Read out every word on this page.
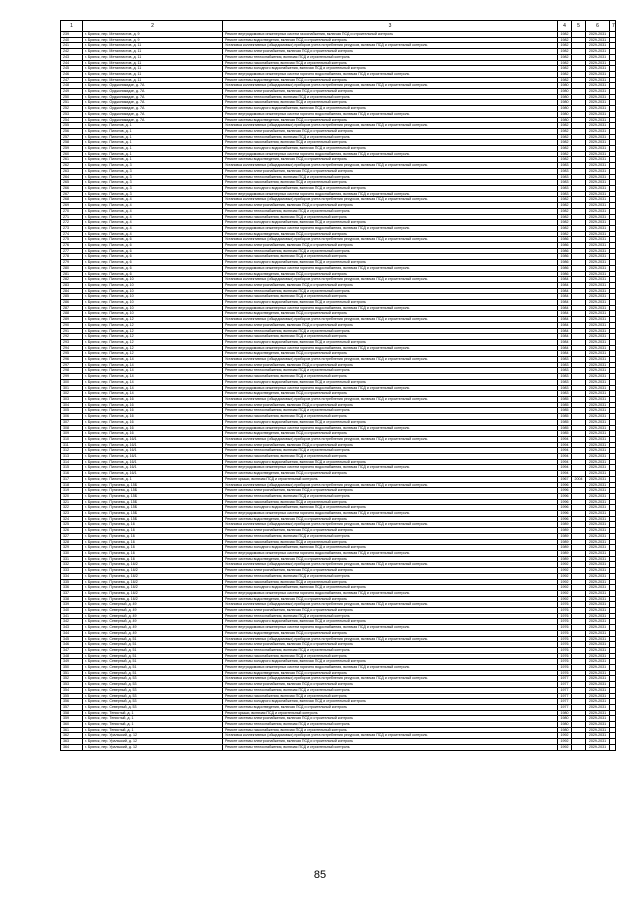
1	2	3	4	5	6	7
239	г. Брянск, пер. Металлистов, д. 9	Ремонт внутридомовых инженерных систем газоснабжения, включая ПСД и строительный контроль	1982		2029-2031	
240	г. Брянск, пер. Металлистов, д. 9	Ремонт системы водоотведения, включая ПСД и строительный контроль	1982		2029-2031	
241	г. Брянск, пер. Металлистов, д. 11	Установка коллективных (общедомовых) приборов учета потребления ресурсов, включая ПСД и строительный контроль	1982		2029-2031	
242	г. Брянск, пер. Металлистов, д. 11	Ремонт системы электроснабжения, включая ПСД и строительный контроль	1982		2029-2031	
243	г. Брянск, пер. Металлистов, д. 11	Ремонт системы теплоснабжения, включая ПСД и строительный контроль	1982		2029-2031	
244	г. Брянск, пер. Металлистов, д. 11	Ремонт системы газоснабжения, включая ПСД и строительный контроль	1982		2029-2031	
245	г. Брянск, пер. Металлистов, д. 11	Ремонт системы холодного водоснабжения, включая ПСД и строительный контроль	1982		2029-2031	
246	г. Брянск, пер. Металлистов, д. 11	Ремонт внутридомовых инженерных систем горячего водоснабжения, включая ПСД и строительный контроль	1982		2029-2031	
247	г. Брянск, пер. Металлистов, д. 11	Ремонт системы водоотведения, включая ПСД и строительный контроль	1982		2029-2031	
248	г. Брянск, пер. Орджоникидзе, д. 7А	Установка коллективных (общедомовых) приборов учета потребления ресурсов, включая ПСД и строительный контроль	1980		2029-2031	
249	г. Брянск, пер. Орджоникидзе, д. 7А	Ремонт системы электроснабжения, включая ПСД и строительный контроль	1980		2029-2031	
250	г. Брянск, пер. Орджоникидзе, д. 7А	Ремонт системы теплоснабжения, включая ПСД и строительный контроль	1980		2029-2031	
251	г. Брянск, пер. Орджоникидзе, д. 7А	Ремонт системы газоснабжения, включая ПСД и строительный контроль	1980		2029-2031	
252	г. Брянск, пер. Орджоникидзе, д. 7А	Ремонт системы холодного водоснабжения, включая ПСД и строительный контроль	1980		2029-2031	
253	г. Брянск, пер. Орджоникидзе, д. 7А	Ремонт внутридомовых инженерных систем горячего водоснабжения, включая ПСД и строительный контроль	1980		2029-2031	
254	г. Брянск, пер. Орджоникидзе, д. 7А	Ремонт системы водоотведения, включая ПСД и строительный контроль	1980		2029-2031	
255	г. Брянск, пер. Пилотов, д. 1	Установка коллективных (общедомовых) приборов учета потребления ресурсов, включая ПСД и строительный контроль	1982		2029-2031	
256	г. Брянск, пер. Пилотов, д. 1	Ремонт системы электроснабжения, включая ПСД и строительный контроль	1982		2029-2031	
257	г. Брянск, пер. Пилотов, д. 1	Ремонт системы теплоснабжения, включая ПСД и строительный контроль	1982		2029-2031	
258	г. Брянск, пер. Пилотов, д. 1	Ремонт системы газоснабжения, включая ПСД и строительный контроль	1982		2029-2031	
259	г. Брянск, пер. Пилотов, д. 1	Ремонт системы холодного водоснабжения, включая ПСД и строительный контроль	1982		2029-2031	
260	г. Брянск, пер. Пилотов, д. 1	Ремонт внутридомовых инженерных систем горячего водоснабжения, включая ПСД и строительный контроль	1982		2029-2031	
261	г. Брянск, пер. Пилотов, д. 1	Ремонт системы водоотведения, включая ПСД и строительный контроль	1982		2029-2031	
262	г. Брянск, пер. Пилотов, д. 3	Установка коллективных (общедомовых) приборов учета потребления ресурсов, включая ПСД и строительный контроль	1983		2029-2031	
263	г. Брянск, пер. Пилотов, д. 3	Ремонт системы электроснабжения, включая ПСД и строительный контроль	1983		2029-2031	
264	г. Брянск, пер. Пилотов, д. 3	Ремонт системы теплоснабжения, включая ПСД и строительный контроль	1983		2029-2031	
265	г. Брянск, пер. Пилотов, д. 3	Ремонт системы газоснабжения, включая ПСД и строительный контроль	1983		2029-2031	
266	г. Брянск, пер. Пилотов, д. 3	Ремонт системы холодного водоснабжения, включая ПСД и строительный контроль	1983		2029-2031	
267	г. Брянск, пер. Пилотов, д. 3	Ремонт внутридомовых инженерных систем горячего водоснабжения, включая ПСД и строительный контроль	1983		2029-2031	
268	г. Брянск, пер. Пилотов, д. 4	Установка коллективных (общедомовых) приборов учета потребления ресурсов, включая ПСД и строительный контроль	1982		2029-2031	
269	г. Брянск, пер. Пилотов, д. 4	Ремонт системы электроснабжения, включая ПСД и строительный контроль	1982		2029-2031	
270	г. Брянск, пер. Пилотов, д. 4	Ремонт системы теплоснабжения, включая ПСД и строительный контроль	1982		2029-2031	
271	г. Брянск, пер. Пилотов, д. 4	Ремонт системы газоснабжения, включая ПСД и строительный контроль	1982		2029-2031	
272	г. Брянск, пер. Пилотов, д. 4	Ремонт системы холодного водоснабжения, включая ПСД и строительный контроль	1982		2029-2031	
273	г. Брянск, пер. Пилотов, д. 4	Ремонт внутридомовых инженерных систем горячего водоснабжения, включая ПСД и строительный контроль	1982		2029-2031	
274	г. Брянск, пер. Пилотов, д. 4	Ремонт системы водоотведения, включая ПСД и строительный контроль	1982		2029-2031	
275	г. Брянск, пер. Пилотов, д. 6	Установка коллективных (общедомовых) приборов учета потребления ресурсов, включая ПСД и строительный контроль	1986		2029-2031	
276	г. Брянск, пер. Пилотов, д. 6	Ремонт системы электроснабжения, включая ПСД и строительный контроль	1986		2029-2031	
277	г. Брянск, пер. Пилотов, д. 6	Ремонт системы теплоснабжения, включая ПСД и строительный контроль	1986		2029-2031	
278	г. Брянск, пер. Пилотов, д. 6	Ремонт системы газоснабжения, включая ПСД и строительный контроль	1986		2029-2031	
279	г. Брянск, пер. Пилотов, д. 6	Ремонт системы холодного водоснабжения, включая ПСД и строительный контроль	1986		2029-2031	
280	г. Брянск, пер. Пилотов, д. 6	Ремонт внутридомовых инженерных систем горячего водоснабжения, включая ПСД и строительный контроль	1986		2029-2031	
281	г. Брянск, пер. Пилотов, д. 6	Ремонт системы водоотведения, включая ПСД и строительный контроль	1986		2029-2031	
282	г. Брянск, пер. Пилотов, д. 10	Установка коллективных (общедомовых) приборов учета потребления ресурсов, включая ПСД и строительный контроль	1984		2029-2031	
283	г. Брянск, пер. Пилотов, д. 10	Ремонт системы электроснабжения, включая ПСД и строительный контроль	1984		2029-2031	
284	г. Брянск, пер. Пилотов, д. 10	Ремонт системы теплоснабжения, включая ПСД и строительный контроль	1984		2029-2031	
285	г. Брянск, пер. Пилотов, д. 10	Ремонт системы газоснабжения, включая ПСД и строительный контроль	1984		2029-2031	
286	г. Брянск, пер. Пилотов, д. 10	Ремонт системы холодного водоснабжения, включая ПСД и строительный контроль	1984		2029-2031	
287	г. Брянск, пер. Пилотов, д. 10	Ремонт внутридомовых инженерных систем горячего водоснабжения, включая ПСД и строительный контроль	1984		2029-2031	
288	г. Брянск, пер. Пилотов, д. 10	Ремонт системы водоотведения, включая ПСД и строительный контроль	1984		2029-2031	
289	г. Брянск, пер. Пилотов, д. 12	Установка коллективных (общедомовых) приборов учета потребления ресурсов, включая ПСД и строительный контроль	1984		2029-2031	
290	г. Брянск, пер. Пилотов, д. 12	Ремонт системы электроснабжения, включая ПСД и строительный контроль	1984		2029-2031	
291	г. Брянск, пер. Пилотов, д. 12	Ремонт системы теплоснабжения, включая ПСД и строительный контроль	1984		2029-2031	
292	г. Брянск, пер. Пилотов, д. 12	Ремонт системы газоснабжения, включая ПСД и строительный контроль	1984		2029-2031	
293	г. Брянск, пер. Пилотов, д. 12	Ремонт системы холодного водоснабжения, включая ПСД и строительный контроль	1984		2029-2031	
294	г. Брянск, пер. Пилотов, д. 12	Ремонт внутридомовых инженерных систем горячего водоснабжения, включая ПСД и строительный контроль	1984		2029-2031	
295	г. Брянск, пер. Пилотов, д. 12	Ремонт системы водоотведения, включая ПСД и строительный контроль	1984		2029-2031	
296	г. Брянск, пер. Пилотов, д. 14	Установка коллективных (общедомовых) приборов учета потребления ресурсов, включая ПСД и строительный контроль	1983		2029-2031	
297	г. Брянск, пер. Пилотов, д. 14	Ремонт системы электроснабжения, включая ПСД и строительный контроль	1983		2029-2031	
298	г. Брянск, пер. Пилотов, д. 14	Ремонт системы теплоснабжения, включая ПСД и строительный контроль	1983		2029-2031	
299	г. Брянск, пер. Пилотов, д. 14	Ремонт системы газоснабжения, включая ПСД и строительный контроль	1983		2029-2031	
300	г. Брянск, пер. Пилотов, д. 14	Ремонт системы холодного водоснабжения, включая ПСД и строительный контроль	1983		2029-2031	
301	г. Брянск, пер. Пилотов, д. 14	Ремонт внутридомовых инженерных систем горячего водоснабжения, включая ПСД и строительный контроль	1983		2029-2031	
302	г. Брянск, пер. Пилотов, д. 14	Ремонт системы водоотведения, включая ПСД и строительный контроль	1983		2029-2031	
303	г. Брянск, пер. Пилотов, д. 16	Установка коллективных (общедомовых) приборов учета потребления ресурсов, включая ПСД и строительный контроль	1985		2029-2031	
304	г. Брянск, пер. Пилотов, д. 16	Ремонт системы электроснабжения, включая ПСД и строительный контроль	1985		2029-2031	
305	г. Брянск, пер. Пилотов, д. 16	Ремонт системы теплоснабжения, включая ПСД и строительный контроль	1985		2029-2031	
306	г. Брянск, пер. Пилотов, д. 16	Ремонт системы газоснабжения, включая ПСД и строительный контроль	1985		2029-2031	
307	г. Брянск, пер. Пилотов, д. 16	Ремонт системы холодного водоснабжения, включая ПСД и строительный контроль	1985		2029-2031	
308	г. Брянск, пер. Пилотов, д. 16	Ремонт внутридомовых инженерных систем горячего водоснабжения, включая ПСД и строительный контроль	1985		2029-2031	
309	г. Брянск, пер. Пилотов, д. 16	Ремонт системы водоотведения, включая ПСД и строительный контроль	1985		2029-2031	
310	г. Брянск, пер. Пилотов, д. 16/1	Установка коллективных (общедомовых) приборов учета потребления ресурсов, включая ПСД и строительный контроль	1994		2029-2031	
311	г. Брянск, пер. Пилотов, д. 16/1	Ремонт системы электроснабжения, включая ПСД и строительный контроль	1994		2029-2031	
312	г. Брянск, пер. Пилотов, д. 16/1	Ремонт системы теплоснабжения, включая ПСД и строительный контроль	1994		2029-2031	
313	г. Брянск, пер. Пилотов, д. 16/1	Ремонт системы газоснабжения, включая ПСД и строительный контроль	1994		2029-2031	
314	г. Брянск, пер. Пилотов, д. 16/1	Ремонт системы холодного водоснабжения, включая ПСД и строительный контроль	1994		2029-2031	
315	г. Брянск, пер. Пилотов, д. 16/1	Ремонт внутридомовых инженерных систем горячего водоснабжения, включая ПСД и строительный контроль	1994		2029-2031	
316	г. Брянск, пер. Пилотов, д. 16/1	Ремонт системы водоотведения, включая ПСД и строительный контроль	1994		2029-2031	
317	г. Брянск, пер. Пилотов, д. 1	Ремонт крыши, включая ПСД и строительный контроль	1967	2004	2029-2031	
318	г. Брянск, пер. Пугачева, д. 15Б	Установка коллективных (общедомовых) приборов учета потребления ресурсов, включая ПСД и строительный контроль	1996		2029-2031	
319	г. Брянск, пер. Пугачева, д. 15Б	Ремонт системы электроснабжения, включая ПСД и строительный контроль	1996		2029-2031	
320	г. Брянск, пер. Пугачева, д. 15Б	Ремонт системы теплоснабжения, включая ПСД и строительный контроль	1996		2029-2031	
321	г. Брянск, пер. Пугачева, д. 15Б	Ремонт системы газоснабжения, включая ПСД и строительный контроль	1996		2029-2031	
322	г. Брянск, пер. Пугачева, д. 15Б	Ремонт системы холодного водоснабжения, включая ПСД и строительный контроль	1996		2029-2031	
323	г. Брянск, пер. Пугачева, д. 15Б	Ремонт внутридомовых инженерных систем горячего водоснабжения, включая ПСД и строительный контроль	1996		2029-2031	
324	г. Брянск, пер. Пугачева, д. 15Б	Ремонт системы водоотведения, включая ПСД и строительный контроль	1996		2029-2031	
325	г. Брянск, пер. Пугачева, д. 16	Установка коллективных (общедомовых) приборов учета потребления ресурсов, включая ПСД и строительный контроль	1989		2029-2031	
326	г. Брянск, пер. Пугачева, д. 16	Ремонт системы электроснабжения, включая ПСД и строительный контроль	1989		2029-2031	
327	г. Брянск, пер. Пугачева, д. 16	Ремонт системы теплоснабжения, включая ПСД и строительный контроль	1989		2029-2031	
328	г. Брянск, пер. Пугачева, д. 16	Ремонт системы газоснабжения, включая ПСД и строительный контроль	1989		2029-2031	
329	г. Брянск, пер. Пугачева, д. 16	Ремонт системы холодного водоснабжения, включая ПСД и строительный контроль	1989		2029-2031	
330	г. Брянск, пер. Пугачева, д. 16	Ремонт внутридомовых инженерных систем горячего водоснабжения, включая ПСД и строительный контроль	1989		2029-2031	
331	г. Брянск, пер. Пугачева, д. 16	Ремонт системы водоотведения, включая ПСД и строительный контроль	1989		2029-2031	
332	г. Брянск, пер. Пугачева, д. 16/2	Установка коллективных (общедомовых) приборов учета потребления ресурсов, включая ПСД и строительный контроль	1992		2029-2031	
333	г. Брянск, пер. Пугачева, д. 16/2	Ремонт системы электроснабжения, включая ПСД и строительный контроль	1992		2029-2031	
334	г. Брянск, пер. Пугачева, д. 16/2	Ремонт системы теплоснабжения, включая ПСД и строительный контроль	1992		2029-2031	
335	г. Брянск, пер. Пугачева, д. 16/2	Ремонт системы газоснабжения, включая ПСД и строительный контроль	1992		2029-2031	
336	г. Брянск, пер. Пугачева, д. 16/2	Ремонт системы холодного водоснабжения, включая ПСД и строительный контроль	1992		2029-2031	
337	г. Брянск, пер. Пугачева, д. 16/2	Ремонт внутридомовых инженерных систем горячего водоснабжения, включая ПСД и строительный контроль	1992		2029-2031	
338	г. Брянск, пер. Пугачева, д. 16/2	Ремонт системы водоотведения, включая ПСД и строительный контроль	1992		2029-2031	
339	г. Брянск, пер. Северный, д. 49	Установка коллективных (общедомовых) приборов учета потребления ресурсов, включая ПСД и строительный контроль	1976		2029-2031	
340	г. Брянск, пер. Северный, д. 49	Ремонт системы электроснабжения, включая ПСД и строительный контроль	1976		2029-2031	
341	г. Брянск, пер. Северный, д. 49	Ремонт системы теплоснабжения, включая ПСД и строительный контроль	1976		2029-2031	
342	г. Брянск, пер. Северный, д. 49	Ремонт системы холодного водоснабжения, включая ПСД и строительный контроль	1976		2029-2031	
343	г. Брянск, пер. Северный, д. 49	Ремонт внутридомовых инженерных систем горячего водоснабжения, включая ПСД и строительный контроль	1976		2029-2031	
344	г. Брянск, пер. Северный, д. 49	Ремонт системы водоотведения, включая ПСД и строительный контроль	1976		2029-2031	
345	г. Брянск, пер. Северный, д. 51	Установка коллективных (общедомовых) приборов учета потребления ресурсов, включая ПСД и строительный контроль	1976		2029-2031	
346	г. Брянск, пер. Северный, д. 51	Ремонт системы электроснабжения, включая ПСД и строительный контроль	1976		2029-2031	
347	г. Брянск, пер. Северный, д. 51	Ремонт системы теплоснабжения, включая ПСД и строительный контроль	1976		2029-2031	
348	г. Брянск, пер. Северный, д. 51	Ремонт системы газоснабжения, включая ПСД и строительный контроль	1976		2029-2031	
349	г. Брянск, пер. Северный, д. 51	Ремонт системы холодного водоснабжения, включая ПСД и строительный контроль	1976		2029-2031	
350	г. Брянск, пер. Северный, д. 51	Ремонт внутридомовых инженерных систем горячего водоснабжения, включая ПСД и строительный контроль	1976		2029-2031	
351	г. Брянск, пер. Северный, д. 51	Ремонт системы водоотведения, включая ПСД и строительный контроль	1976		2029-2031	
352	г. Брянск, пер. Северный, д. 53	Установка коллективных (общедомовых) приборов учета потребления ресурсов, включая ПСД и строительный контроль	1977		2029-2031	
353	г. Брянск, пер. Северный, д. 53	Ремонт системы электроснабжения, включая ПСД и строительный контроль	1977		2029-2031	
354	г. Брянск, пер. Северный, д. 53	Ремонт системы теплоснабжения, включая ПСД и строительный контроль	1977		2029-2031	
355	г. Брянск, пер. Северный, д. 53	Ремонт системы газоснабжения, включая ПСД и строительный контроль	1977		2029-2031	
356	г. Брянск, пер. Северный, д. 53	Ремонт системы холодного водоснабжения, включая ПСД и строительный контроль	1977		2029-2031	
357	г. Брянск, пер. Северный, д. 53	Ремонт системы водоотведения, включая ПСД и строительный контроль	1977		2029-2031	
358	г. Брянск, пер. Тенистый, д. 1	Ремонт крыши, включая ПСД и строительный контроль	1980		2029-2031	
359	г. Брянск, пер. Тенистый, д. 1	Ремонт системы электроснабжения, включая ПСД и строительный контроль	1980		2029-2031	
360	г. Брянск, пер. Тенистый, д. 1	Ремонт системы теплоснабжения, включая ПСД и строительный контроль	1980		2029-2031	
361	г. Брянск, пер. Тенистый, д. 1	Ремонт системы газоснабжения, включая ПСД и строительный контроль	1980		2029-2031	
362	г. Брянск, пер. Уральский, д. 12	Установка коллективных (общедомовых) приборов учета потребления ресурсов, включая ПСД и строительный контроль	1992		2029-2031	
363	г. Брянск, пер. Уральский, д. 12	Ремонт системы электроснабжения, включая ПСД и строительный контроль	1992		2029-2031	
364	г. Брянск, пер. Уральский, д. 12	Ремонт системы теплоснабжения, включая ПСД и строительный контроль	1992		2029-2031	
85
